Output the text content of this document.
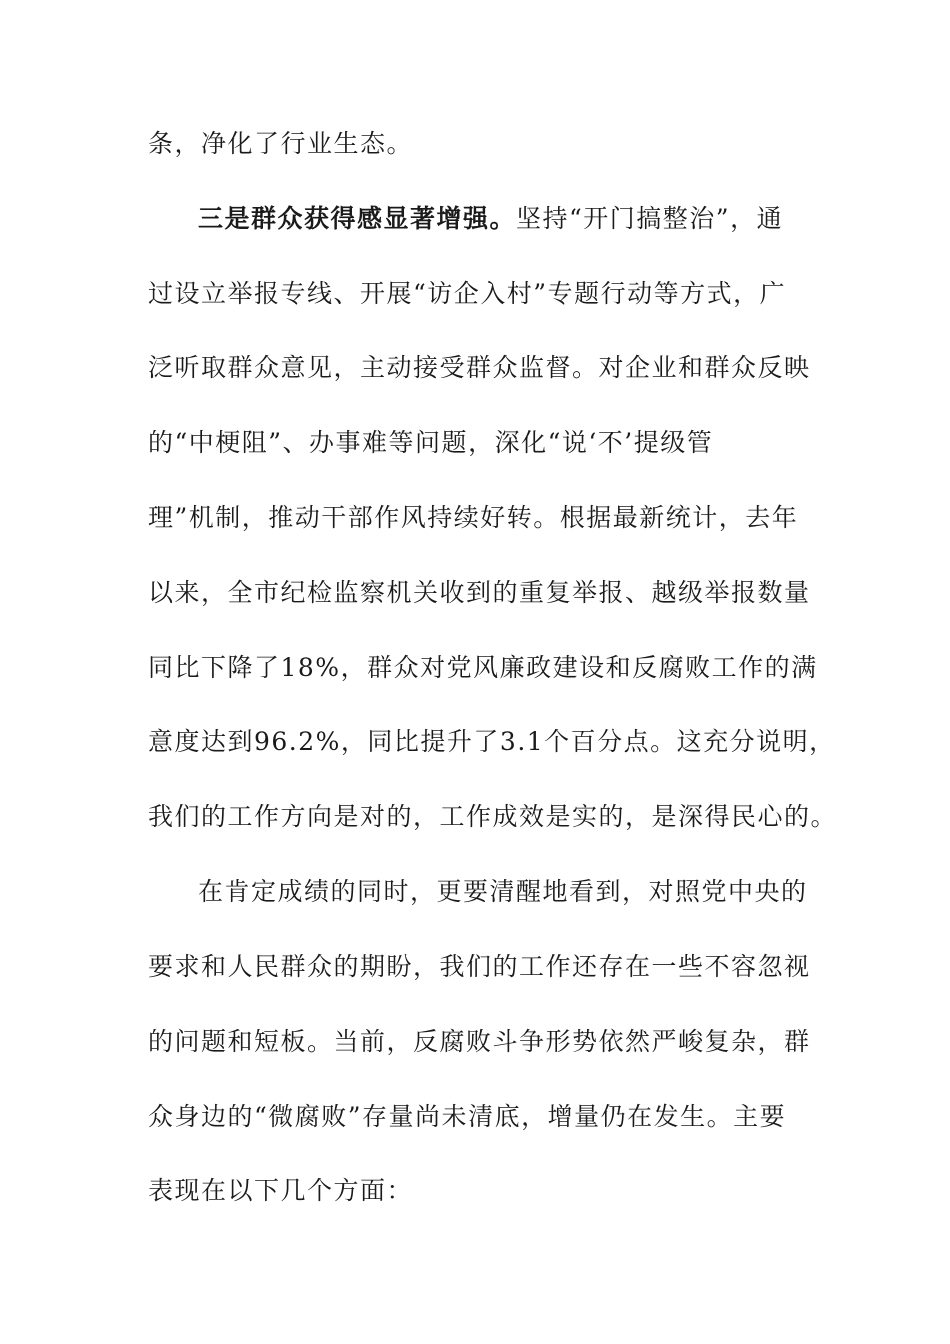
条，净化了行业生态。
三是群众获得感显著增强。坚持“开门搞整治”，通
过设立举报专线、开展“访企入村”专题行动等方式，广
泛听取群众意见，主动接受群众监督。对企业和群众反映
的“中梗阻”、办事难等问题，深化“说‘不’提级管
理”机制，推动干部作风持续好转。根据最新统计，去年
以来，全市纪检监察机关收到的重复举报、越级举报数量
同比下降了18%，群众对党风廉政建设和反腐败工作的满
意度达到96.2%，同比提升了3.1个百分点。这充分说明，
我们的工作方向是对的，工作成效是实的，是深得民心的。
在肯定成绩的同时，更要清醒地看到，对照党中央的
要求和人民群众的期盼，我们的工作还存在一些不容忽视
的问题和短板。当前，反腐败斗争形势依然严峻复杂，群
众身边的“微腐败”存量尚未清底，增量仍在发生。主要
表现在以下几个方面：
